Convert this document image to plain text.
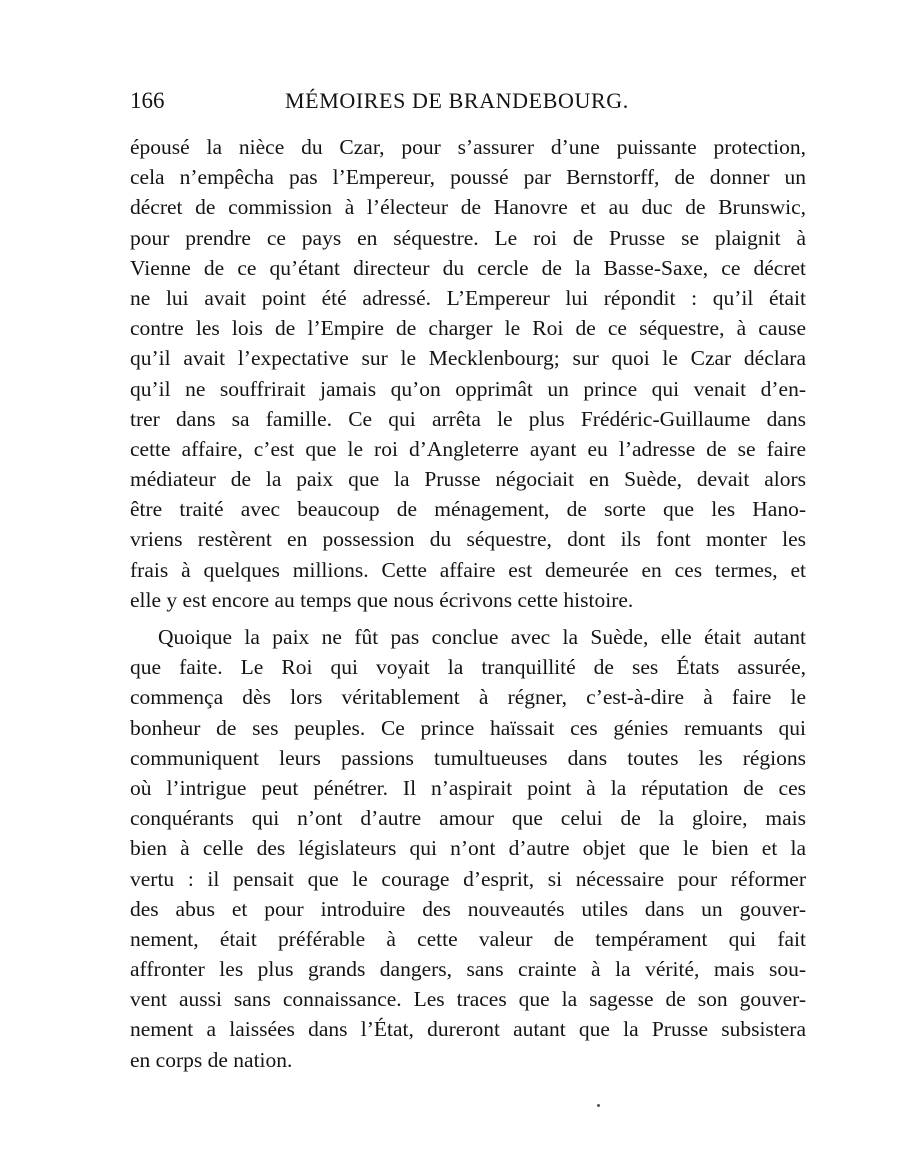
166	MÉMOIRES DE BRANDEBOURG.
épousé la nièce du Czar, pour s’assurer d’une puissante protection,
cela n’empêcha pas l’Empereur, poussé par Bernstorff, de donner un
décret de commission à l’électeur de Hanovre et au duc de Brunswic,
pour prendre ce pays en séquestre. Le roi de Prusse se plaignit à
Vienne de ce qu’étant directeur du cercle de la Basse-Saxe, ce décret
ne lui avait point été adressé. L’Empereur lui répondit : qu’il était
contre les lois de l’Empire de charger le Roi de ce séquestre, à cause
qu’il avait l’expectative sur le Mecklenbourg; sur quoi le Czar déclara
qu’il ne souffrirait jamais qu’on opprimât un prince qui venait d’en-
trer dans sa famille. Ce qui arrêta le plus Frédéric-Guillaume dans
cette affaire, c’est que le roi d’Angleterre ayant eu l’adresse de se faire
médiateur de la paix que la Prusse négociait en Suède, devait alors
être traité avec beaucoup de ménagement, de sorte que les Hano-
vriens restèrent en possession du séquestre, dont ils font monter les
frais à quelques millions. Cette affaire est demeurée en ces termes, et
elle y est encore au temps que nous écrivons cette histoire.
Quoique la paix ne fût pas conclue avec la Suède, elle était autant
que faite. Le Roi qui voyait la tranquillité de ses États assurée,
commença dès lors véritablement à régner, c’est-à-dire à faire le
bonheur de ses peuples. Ce prince haïssait ces génies remuants qui
communiquent leurs passions tumultueuses dans toutes les régions
où l’intrigue peut pénétrer. Il n’aspirait point à la réputation de ces
conquérants qui n’ont d’autre amour que celui de la gloire, mais
bien à celle des législateurs qui n’ont d’autre objet que le bien et la
vertu : il pensait que le courage d’esprit, si nécessaire pour réformer
des abus et pour introduire des nouveautés utiles dans un gouver-
nement, était préférable à cette valeur de tempérament qui fait
affronter les plus grands dangers, sans crainte à la vérité, mais sou-
vent aussi sans connaissance. Les traces que la sagesse de son gouver-
nement a laissées dans l’État, dureront autant que la Prusse subsistera
en corps de nation.
